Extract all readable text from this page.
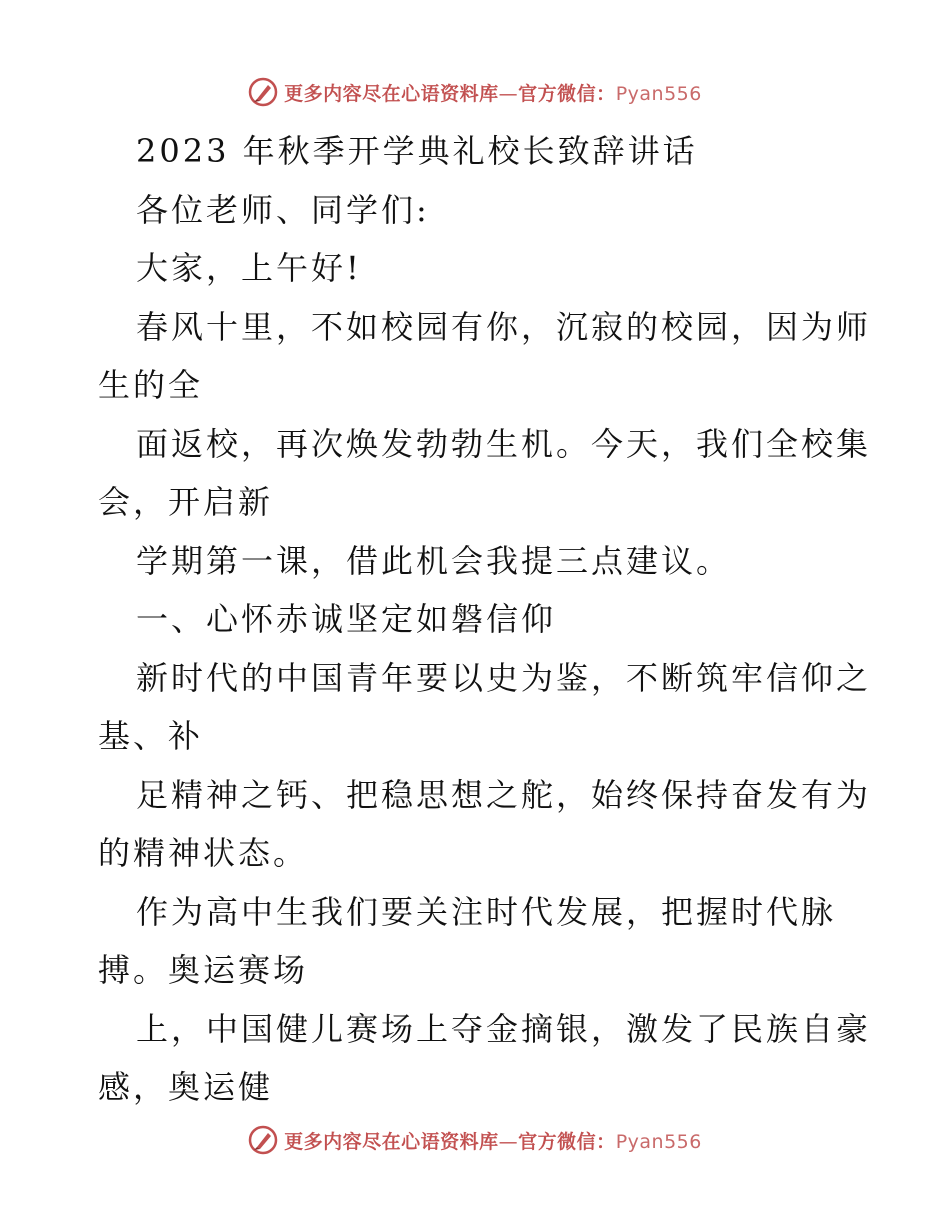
更多内容尽在心语资料库—官方微信：Pyan556
2023 年秋季开学典礼校长致辞讲话
各位老师、同学们:
大家，上午好!
春风十里，不如校园有你，沉寂的校园，因为师
生的全
面返校，再次焕发勃勃生机。今天，我们全校集
会，开启新
学期第一课，借此机会我提三点建议。
一、心怀赤诚坚定如磐信仰
新时代的中国青年要以史为鉴，不断筑牢信仰之
基、补
足精神之钙、把稳思想之舵，始终保持奋发有为
的精神状态。
作为高中生我们要关注时代发展，把握时代脉
搏。奥运赛场
上，中国健儿赛场上夺金摘银，激发了民族自豪
感，奥运健
更多内容尽在心语资料库—官方微信：Pyan556
